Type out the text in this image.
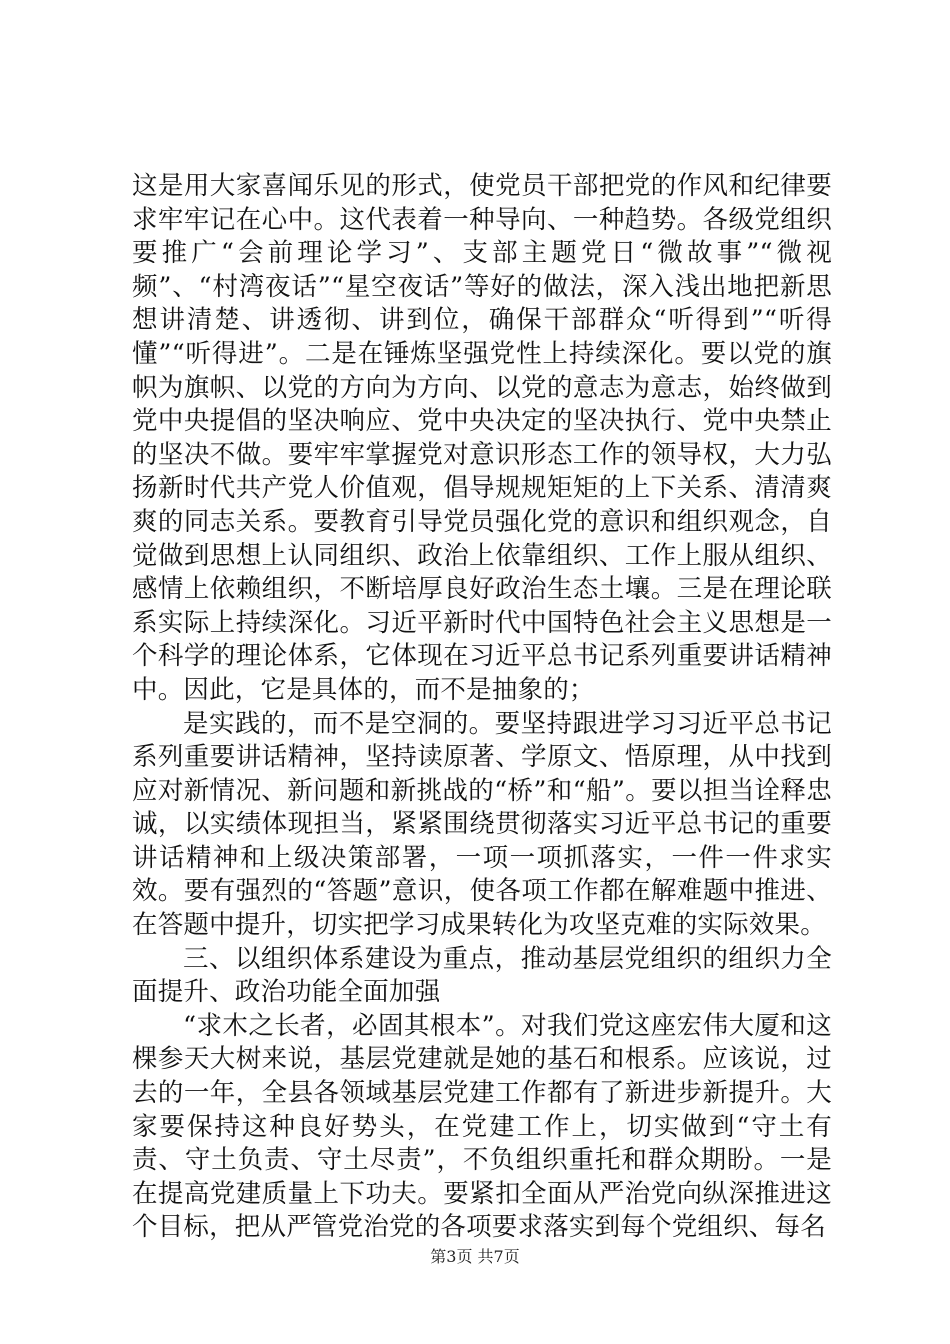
这是用大家喜闻乐见的形式，使党员干部把党的作风和纪律要求牢牢记在心中。这代表着一种导向、一种趋势。各级党组织要推广“会前理论学习”、支部主题党日“微故事”“微视频”、“村湾夜话”“星空夜话”等好的做法，深入浅出地把新思想讲清楚、讲透彻、讲到位，确保干部群众“听得到”“听得懂”“听得进”。二是在锤炼坚强党性上持续深化。要以党的旗帜为旗帜、以党的方向为方向、以党的意志为意志，始终做到党中央提倡的坚决响应、党中央决定的坚决执行、党中央禁止的坚决不做。要牢牢掌握党对意识形态工作的领导权，大力弘扬新时代共产党人价值观，倡导规规矩矩的上下关系、清清爽爽的同志关系。要教育引导党员强化党的意识和组织观念，自觉做到思想上认同组织、政治上依靠组织、工作上服从组织、感情上依赖组织，不断培厚良好政治生态土壤。三是在理论联系实际上持续深化。习近平新时代中国特色社会主义思想是一个科学的理论体系，它体现在习近平总书记系列重要讲话精神中。因此，它是具体的，而不是抽象的；

是实践的，而不是空洞的。要坚持跟进学习习近平总书记系列重要讲话精神，坚持读原著、学原文、悟原理，从中找到应对新情况、新问题和新挑战的“桥”和“船”。要以担当诠释忠诚，以实绩体现担当，紧紧围绕贯彻落实习近平总书记的重要讲话精神和上级决策部署，一项一项抓落实，一件一件求实效。要有强烈的“答题”意识，使各项工作都在解难题中推进、在答题中提升，切实把学习成果转化为攻坚克难的实际效果。

三、以组织体系建设为重点，推动基层党组织的组织力全面提升、政治功能全面加强

“求木之长者，必固其根本”。对我们党这座宏伟大厦和这棵参天大树来说，基层党建就是她的基石和根系。应该说，过去的一年，全县各领域基层党建工作都有了新进步新提升。大家要保持这种良好势头，在党建工作上，切实做到“守土有责、守土负责、守土尽责”，不负组织重托和群众期盼。一是在提高党建质量上下功夫。要紧扣全面从严治党向纵深推进这个目标，把从严管党治党的各项要求落实到每个党组织、每名

第3页 共7页
